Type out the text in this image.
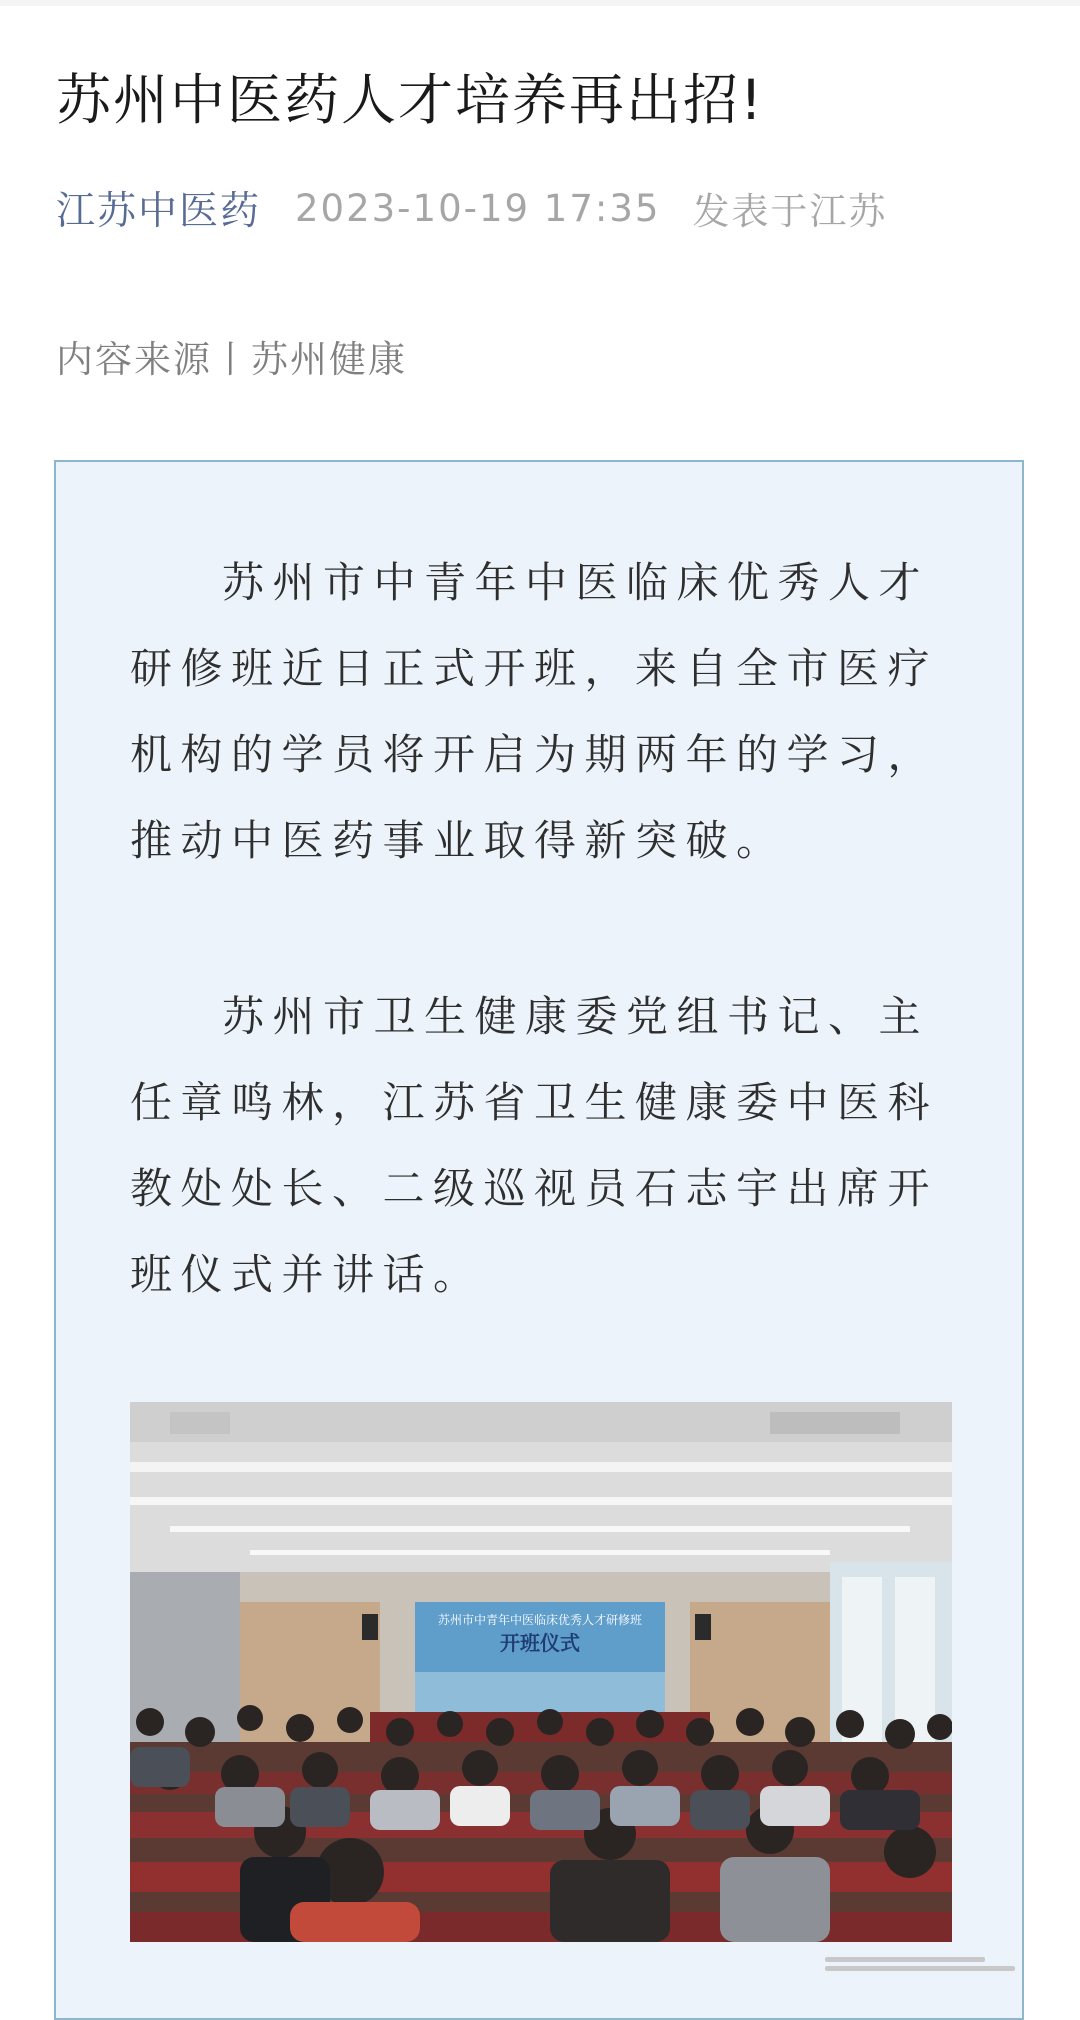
苏州中医药人才培养再出招!
江苏中医药 2023-10-19 17:35 发表于江苏
内容来源丨苏州健康

苏州市中青年中医临床优秀人才研修班近日正式开班，来自全市医疗机构的学员将开启为期两年的学习，推动中医药事业取得新突破。

苏州市卫生健康委党组书记、主任章鸣林，江苏省卫生健康委中医科教处处长、二级巡视员石志宇出席开班仪式并讲话。

苏州市中青年中医临床优秀人才研修班
开班仪式
